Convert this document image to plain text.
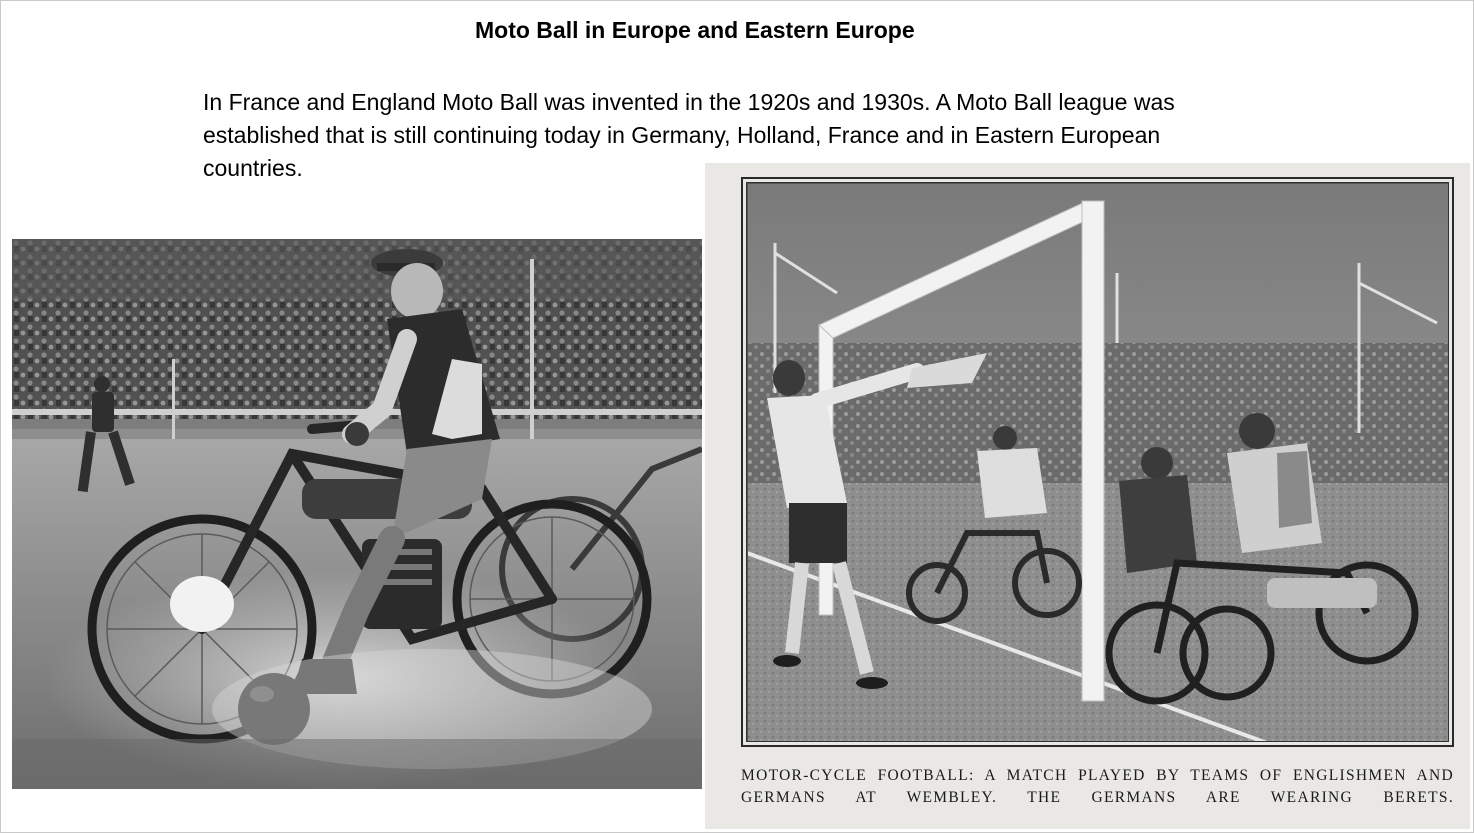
Moto Ball in Europe and Eastern Europe

In France and England Moto Ball was invented in the 1920s and 1930s. A Moto Ball league was established that is still continuing today in Germany, Holland, France and in Eastern European countries.

MOTOR-CYCLE FOOTBALL: A MATCH PLAYED BY TEAMS OF ENGLISHMEN AND GERMANS AT WEMBLEY. THE GERMANS ARE WEARING BERETS.
